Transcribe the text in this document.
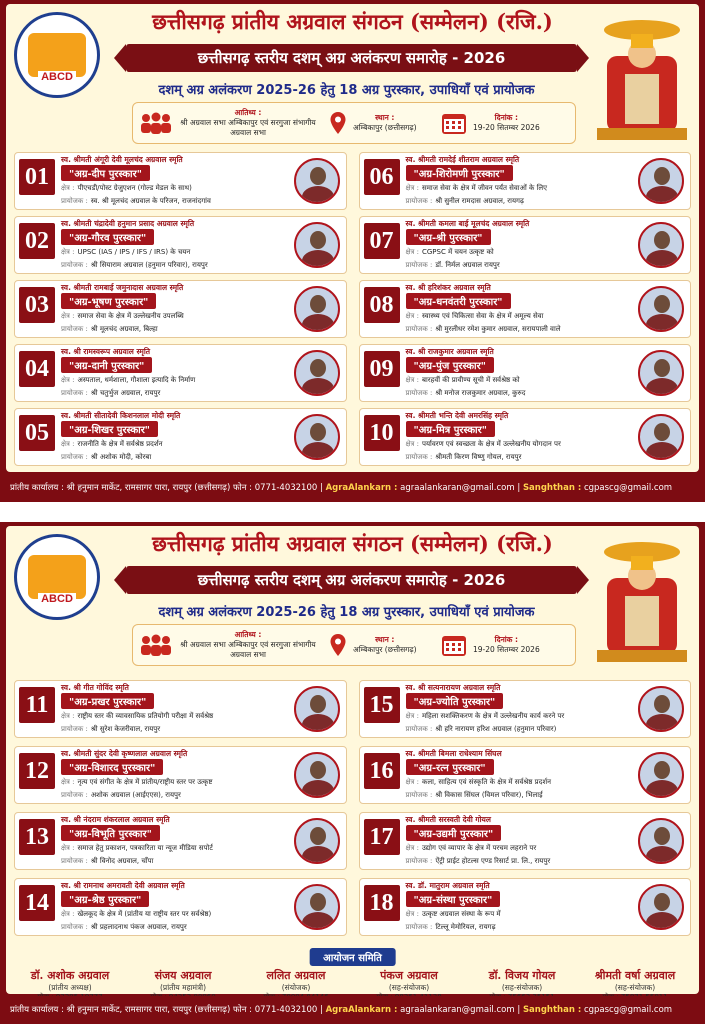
ABCD
छत्तीसगढ़ प्रांतीय अग्रवाल संगठन (सम्मेलन) (रजि.)
छत्तीसगढ़ स्तरीय दशम् अग्र अलंकरण समारोह - 2026
दशम् अग्र अलंकरण 2025-26 हेतु 18 अग्र पुरस्कार, उपाधियाँ एवं प्रायोजक
आतिथ्य :
श्री अग्रवाल सभा अम्बिकापुर एवं सरगुजा संभागीय अग्रवाल सभा
स्थान :
अम्बिकापुर (छत्तीसगढ़)
दिनांक :
19-20 सितम्बर 2026
01
स्व. श्रीमती अंगूरी देवी मूलचंद अग्रवाल स्मृति
"अग्र-दीप पुरस्कार"
क्षेत्र : पीएचडी/पोस्ट ग्रेजुएशन (गोल्ड मेडल के साथ)
प्रायोजक : स्व. श्री मूलचंद अग्रवाल के परिजन, राजनांदगांव
06
स्व. श्रीमती रामदेई शीतराम अग्रवाल स्मृति
"अग्र-शिरोमणी पुरस्कार"
क्षेत्र : समाज सेवा के क्षेत्र में जीवन पर्यंत सेवाओं के लिए
प्रायोजक : श्री सुनील रामदास अग्रवाल, रायगढ़
02
स्व. श्रीमती चंद्रादेवी हनुमान प्रसाद अग्रवाल स्मृति
"अग्र-गौरव पुरस्कार"
क्षेत्र : UPSC (IAS / IPS / IFS / IRS) के चयन
प्रायोजक : श्री सियाराम अग्रवाल (हनुमान परिवार), रायपुर
07
स्व. श्रीमती कमला बाई मूलचंद अग्रवाल स्मृति
"अग्र-श्री पुरस्कार"
क्षेत्र : CGPSC में चयन उत्कृष्ट को
प्रायोजक : डॉ. निर्मल अग्रवाल रायपुर
03
स्व. श्रीमती रामबाई जमुनादास अग्रवाल स्मृति
"अग्र-भूषण पुरस्कार"
क्षेत्र : समाज सेवा के क्षेत्र में उल्लेखनीय उपलब्धि
प्रायोजक : श्री मूलचंद अग्रवाल, बिल्हा
08
स्व. श्री हरिशंकर अग्रवाल स्मृति
"अग्र-धनवंतरी पुरस्कार"
क्षेत्र : स्वास्थ्य एवं चिकित्सा सेवा के क्षेत्र में अमूल्य सेवा
प्रायोजक : श्री मुरलीधर रमेश कुमार अग्रवाल, सरायपाली वाले
04
स्व. श्री रामस्वरूप अग्रवाल स्मृति
"अग्र-दानी पुरस्कार"
क्षेत्र : अस्पताल, धर्मशाला, गौशाला इत्यादि के निर्माण
प्रायोजक : श्री चतुर्भुज अग्रवाल, रायपुर
09
स्व. श्री राजकुमार अग्रवाल स्मृति
"अग्र-पुंज पुरस्कार"
क्षेत्र : बारहवीं की प्रावीण्य सूची में सर्वश्रेष्ठ को
प्रायोजक : श्री मनोज राजकुमार अग्रवाल, कुरुद
05
स्व. श्रीमती सीतादेवी किशनलाल मोदी स्मृति
"अग्र-शिखर पुरस्कार"
क्षेत्र : राजनीति के क्षेत्र में सर्वश्रेष्ठ प्रदर्शन
प्रायोजक : श्री अशोक मोदी, कोरबा
10
स्व. श्रीमती भन्ति देवी अमरसिंह स्मृति
"अग्र-मित्र पुरस्कार"
क्षेत्र : पर्यावरण एवं स्वच्छता के क्षेत्र में उल्लेखनीय योगदान पर
प्रायोजक : श्रीमती किरण विष्णु गोयल, रायपुर
प्रांतीय कार्यालय : श्री हनुमान मार्केट, रामसागर पारा, रायपुर (छत्तीसगढ़) फोन : 0771-4032100 | AgraAlankarn : agraalankaran@gmail.com | Sanghthan : cgpascg@gmail.com
ABCD
छत्तीसगढ़ प्रांतीय अग्रवाल संगठन (सम्मेलन) (रजि.)
छत्तीसगढ़ स्तरीय दशम् अग्र अलंकरण समारोह - 2026
दशम् अग्र अलंकरण 2025-26 हेतु 18 अग्र पुरस्कार, उपाधियाँ एवं प्रायोजक
आतिथ्य :
श्री अग्रवाल सभा अम्बिकापुर एवं सरगुजा संभागीय अग्रवाल सभा
स्थान :
अम्बिकापुर (छत्तीसगढ़)
दिनांक :
19-20 सितम्बर 2026
11
स्व. श्री गीत गोविंद स्मृति
"अग्र-प्रखर पुरस्कार"
क्षेत्र : राष्ट्रीय स्तर की व्यावसायिक प्रतियोगी परीक्षा में सर्वश्रेष्ठ
प्रायोजक : श्री सुरेश केजरीवाल, रायपुर
15
स्व. श्री सत्यनारायण अग्रवाल स्मृति
"अग्र-ज्योति पुरस्कार"
क्षेत्र : महिला सशक्तिकरण के क्षेत्र में उल्लेखनीय कार्य करने पर
प्रायोजक : श्री हरि नारायण हरिश अग्रवाल (हनुमान परिवार)
12
स्व. श्रीमती सुंदर देवी कृष्णलाल अग्रवाल स्मृति
"अग्र-विशारद पुरस्कार"
क्षेत्र : नृत्य एवं संगीत के क्षेत्र में प्रांतीय/राष्ट्रीय स्तर पर उत्कृष्ट
प्रायोजक : अशोक अग्रवाल (आईएएस), रायपुर
16
स्व. श्रीमती बिमला राधेश्याम सिंघल
"अग्र-रत्न पुरस्कार"
क्षेत्र : कला, साहित्य एवं संस्कृति के क्षेत्र में सर्वश्रेष्ठ प्रदर्शन
प्रायोजक : श्री विकास सिंघल (विमल परिवार), भिलाई
13
स्व. श्री नंदराम शंकरलाल अग्रवाल स्मृति
"अग्र-विभूति पुरस्कार"
क्षेत्र : समाज हेतु प्रकाशन, पत्रकारिता या न्यूज मीडिया सपोर्ट
प्रायोजक : श्री विनोद अग्रवाल, चाँपा
17
स्व. श्रीमती सरस्वती देवी गोयल
"अग्र-उद्यमी पुरस्कार"
क्षेत्र : उद्योग एवं व्यापार के क्षेत्र में परचम लहराने पर
प्रायोजक : ऐंट्री प्राईट होटल्स एण्ड रिसार्ट प्रा. लि., रायपुर
14
स्व. श्री रामनाथ अमरावती देवी अग्रवाल स्मृति
"अग्र-श्रेष्ठ पुरस्कार"
क्षेत्र : खेलकूद के क्षेत्र में (प्रांतीय या राष्ट्रीय स्तर पर सर्वश्रेष्ठ)
प्रायोजक : श्री प्रहलादनाथ पंकज अग्रवाल, रायपुर
18
स्व. डॉ. मातुराम अग्रवाल स्मृति
"अग्र-संस्था पुरस्कार"
क्षेत्र : उत्कृष्ट अग्रवाल संस्था के रूप में
प्रायोजक : टिल्लू मेमोरियल, रायगढ़
आयोजन समिति
डॉ. अशोक अग्रवाल
(प्रांतीय अध्यक्ष)
संजय अग्रवाल
(प्रांतीय महामंत्री)
ललित अग्रवाल
(संयोजक)
पंकज अग्रवाल
(सह-संयोजक)
डॉ. विजय गोयल
(सह-संयोजक)
श्रीमती वर्षा अग्रवाल
(सह-संयोजक)
प्रांतीय कार्यालय : श्री हनुमान मार्केट, रामसागर पारा, रायपुर (छत्तीसगढ़) फोन : 0771-4032100 | AgraAlankarn : agraalankaran@gmail.com | Sanghthan : cgpascg@gmail.com
